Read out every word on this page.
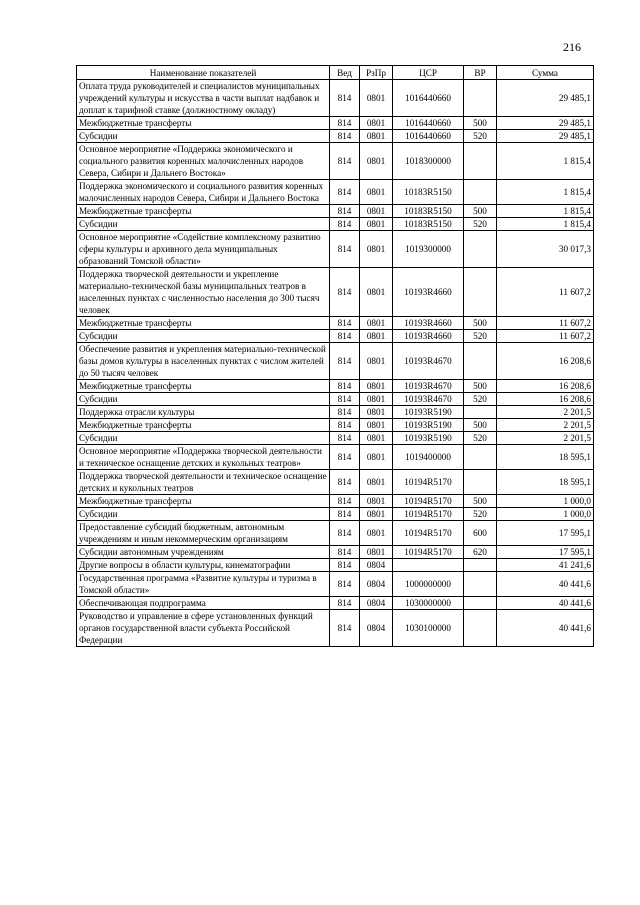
216
Наименование показателей	Вед	РзПр	ЦСР	ВР	Сумма
Оплата труда руководителей и специалистов муниципальных учреждений культуры и искусства в части выплат надбавок и доплат к тарифной ставке (должностному окладу)	814	0801	1016440660		29 485,1
Межбюджетные трансферты	814	0801	1016440660	500	29 485,1
Субсидии	814	0801	1016440660	520	29 485,1
Основное мероприятие «Поддержка экономического и социального развития коренных малочисленных народов Севера, Сибири и Дальнего Востока»	814	0801	1018300000		1 815,4
Поддержка экономического и социального развития коренных малочисленных народов Севера, Сибири и Дальнего Востока	814	0801	10183R5150		1 815,4
Межбюджетные трансферты	814	0801	10183R5150	500	1 815,4
Субсидии	814	0801	10183R5150	520	1 815,4
Основное мероприятие «Содействие комплексному развитию сферы культуры и архивного дела муниципальных образований Томской области»	814	0801	1019300000		30 017,3
Поддержка творческой деятельности и укрепление материально-технической базы муниципальных театров в населенных пунктах с численностью населения до 300 тысяч человек	814	0801	10193R4660		11 607,2
Межбюджетные трансферты	814	0801	10193R4660	500	11 607,2
Субсидии	814	0801	10193R4660	520	11 607,2
Обеспечение развития и укрепления материально-технической базы домов культуры в населенных пунктах с числом жителей до 50 тысяч человек	814	0801	10193R4670		16 208,6
Межбюджетные трансферты	814	0801	10193R4670	500	16 208,6
Субсидии	814	0801	10193R4670	520	16 208,6
Поддержка отрасли культуры	814	0801	10193R5190		2 201,5
Межбюджетные трансферты	814	0801	10193R5190	500	2 201,5
Субсидии	814	0801	10193R5190	520	2 201,5
Основное мероприятие «Поддержка творческой деятельности и техническое оснащение детских и кукольных театров»	814	0801	1019400000		18 595,1
Поддержка творческой деятельности и техническое оснащение детских и кукольных театров	814	0801	10194R5170		18 595,1
Межбюджетные трансферты	814	0801	10194R5170	500	1 000,0
Субсидии	814	0801	10194R5170	520	1 000,0
Предоставление субсидий бюджетным, автономным учреждениям и иным некоммерческим организациям	814	0801	10194R5170	600	17 595,1
Субсидии автономным учреждениям	814	0801	10194R5170	620	17 595,1
Другие вопросы в области культуры, кинематографии	814	0804			41 241,6
Государственная программа «Развитие культуры и туризма в Томской области»	814	0804	1000000000		40 441,6
Обеспечивающая подпрограмма	814	0804	1030000000		40 441,6
Руководство и управление в сфере установленных функций органов государственной власти субъекта Российской Федерации	814	0804	1030100000		40 441,6
